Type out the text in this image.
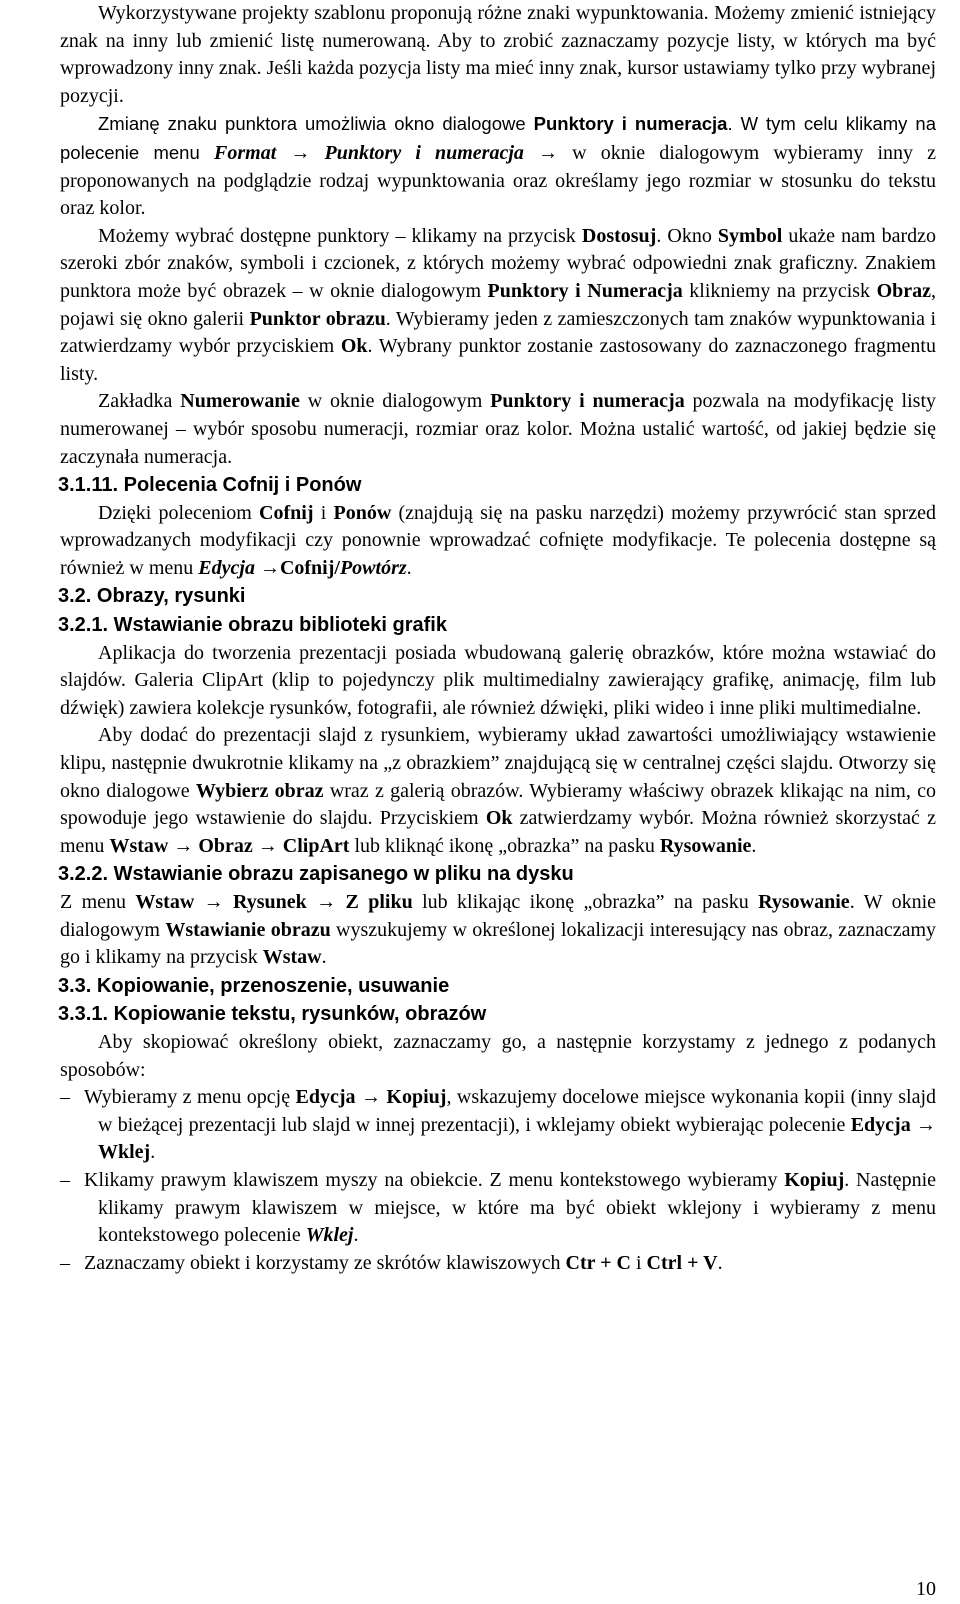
Wykorzystywane projekty szablonu proponują różne znaki wypunktowania. Możemy zmienić istniejący znak na inny lub zmienić listę numerowaną. Aby to zrobić zaznaczamy pozycje listy, w których ma być wprowadzony inny znak. Jeśli każda pozycja listy ma mieć inny znak, kursor ustawiamy tylko przy wybranej pozycji.

Zmianę znaku punktora umożliwia okno dialogowe Punktory i numeracja. W tym celu klikamy na polecenie menu Format → Punktory i numeracja → w oknie dialogowym wybieramy inny z proponowanych na podglądzie rodzaj wypunktowania oraz określamy jego rozmiar w stosunku do tekstu oraz kolor.

Możemy wybrać dostępne punktory – klikamy na przycisk Dostosuj. Okno Symbol ukaże nam bardzo szeroki zbór znaków, symboli i czcionek, z których możemy wybrać odpowiedni znak graficzny. Znakiem punktora może być obrazek – w oknie dialogowym Punktory i Numeracja klikniemy na przycisk Obraz, pojawi się okno galerii Punktor obrazu. Wybieramy jeden z zamieszczonych tam znaków wypunktowania i zatwierdzamy wybór przyciskiem Ok. Wybrany punktor zostanie zastosowany do zaznaczonego fragmentu listy.

Zakładka Numerowanie w oknie dialogowym Punktory i numeracja pozwala na modyfikację listy numerowanej – wybór sposobu numeracji, rozmiar oraz kolor. Można ustalić wartość, od jakiej będzie się zaczynała numeracja.

3.1.11. Polecenia Cofnij i Ponów

Dzięki poleceniom Cofnij i Ponów (znajdują się na pasku narzędzi) możemy przywrócić stan sprzed wprowadzanych modyfikacji czy ponownie wprowadzać cofnięte modyfikacje. Te polecenia dostępne są również w menu Edycja →Cofnij/Powtórz.

3.2. Obrazy, rysunki
3.2.1. Wstawianie obrazu biblioteki grafik

Aplikacja do tworzenia prezentacji posiada wbudowaną galerię obrazków, które można wstawiać do slajdów. Galeria ClipArt (klip to pojedynczy plik multimedialny zawierający grafikę, animację, film lub dźwięk) zawiera kolekcje rysunków, fotografii, ale również dźwięki, pliki wideo i inne pliki multimedialne.

Aby dodać do prezentacji slajd z rysunkiem, wybieramy układ zawartości umożliwiający wstawienie klipu, następnie dwukrotnie klikamy na „z obrazkiem” znajdującą się w centralnej części slajdu. Otworzy się okno dialogowe Wybierz obraz wraz z galerią obrazów. Wybieramy właściwy obrazek klikając na nim, co spowoduje jego wstawienie do slajdu. Przyciskiem Ok zatwierdzamy wybór. Można również skorzystać z menu Wstaw → Obraz → ClipArt lub kliknąć ikonę „obrazka” na pasku Rysowanie.

3.2.2. Wstawianie obrazu zapisanego w pliku na dysku

Z menu Wstaw → Rysunek → Z pliku lub klikając ikonę „obrazka” na pasku Rysowanie. W oknie dialogowym Wstawianie obrazu wyszukujemy w określonej lokalizacji interesujący nas obraz, zaznaczamy go i klikamy na przycisk Wstaw.

3.3. Kopiowanie, przenoszenie, usuwanie
3.3.1. Kopiowanie tekstu, rysunków, obrazów

Aby skopiować określony obiekt, zaznaczamy go, a następnie korzystamy z jednego z podanych sposobów:

– Wybieramy z menu opcję Edycja → Kopiuj, wskazujemy docelowe miejsce wykonania kopii (inny slajd w bieżącej prezentacji lub slajd w innej prezentacji), i wklejamy obiekt wybierając polecenie Edycja → Wklej.

– Klikamy prawym klawiszem myszy na obiekcie. Z menu kontekstowego wybieramy Kopiuj. Następnie klikamy prawym klawiszem w miejsce, w które ma być obiekt wklejony i wybieramy z menu kontekstowego polecenie Wklej.

– Zaznaczamy obiekt i korzystamy ze skrótów klawiszowych Ctr + C i Ctrl + V.

10
